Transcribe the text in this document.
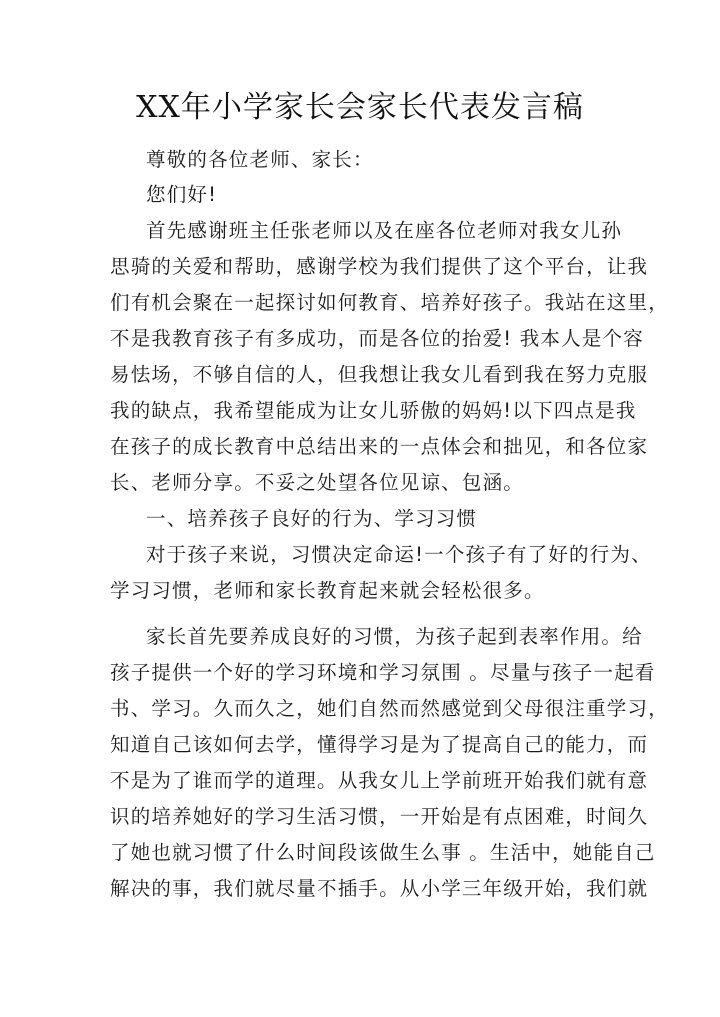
XX年小学家长会家长代表发言稿
尊敬的各位老师、家长：
您们好!
首先感谢班主任张老师以及在座各位老师对我女儿孙
思骑的关爱和帮助，感谢学校为我们提供了这个平台，让我
们有机会聚在一起探讨如何教育、培养好孩子。我站在这里，
不是我教育孩子有多成功，而是各位的抬爱! 我本人是个容
易怯场，不够自信的人，但我想让我女儿看到我在努力克服
我的缺点，我希望能成为让女儿骄傲的妈妈!以下四点是我
在孩子的成长教育中总结出来的一点体会和拙见，和各位家
长、老师分享。不妥之处望各位见谅、包涵。
一、培养孩子良好的行为、学习习惯
对于孩子来说，习惯决定命运!一个孩子有了好的行为、
学习习惯，老师和家长教育起来就会轻松很多。
家长首先要养成良好的习惯，为孩子起到表率作用。给
孩子提供一个好的学习环境和学习氛围 。尽量与孩子一起看
书、学习。久而久之，她们自然而然感觉到父母很注重学习，
知道自己该如何去学，懂得学习是为了提高自己的能力，而
不是为了谁而学的道理。从我女儿上学前班开始我们就有意
识的培养她好的学习生活习惯，一开始是有点困难，时间久
了她也就习惯了什么时间段该做生么事 。生活中，她能自己
解决的事，我们就尽量不插手。从小学三年级开始，我们就
